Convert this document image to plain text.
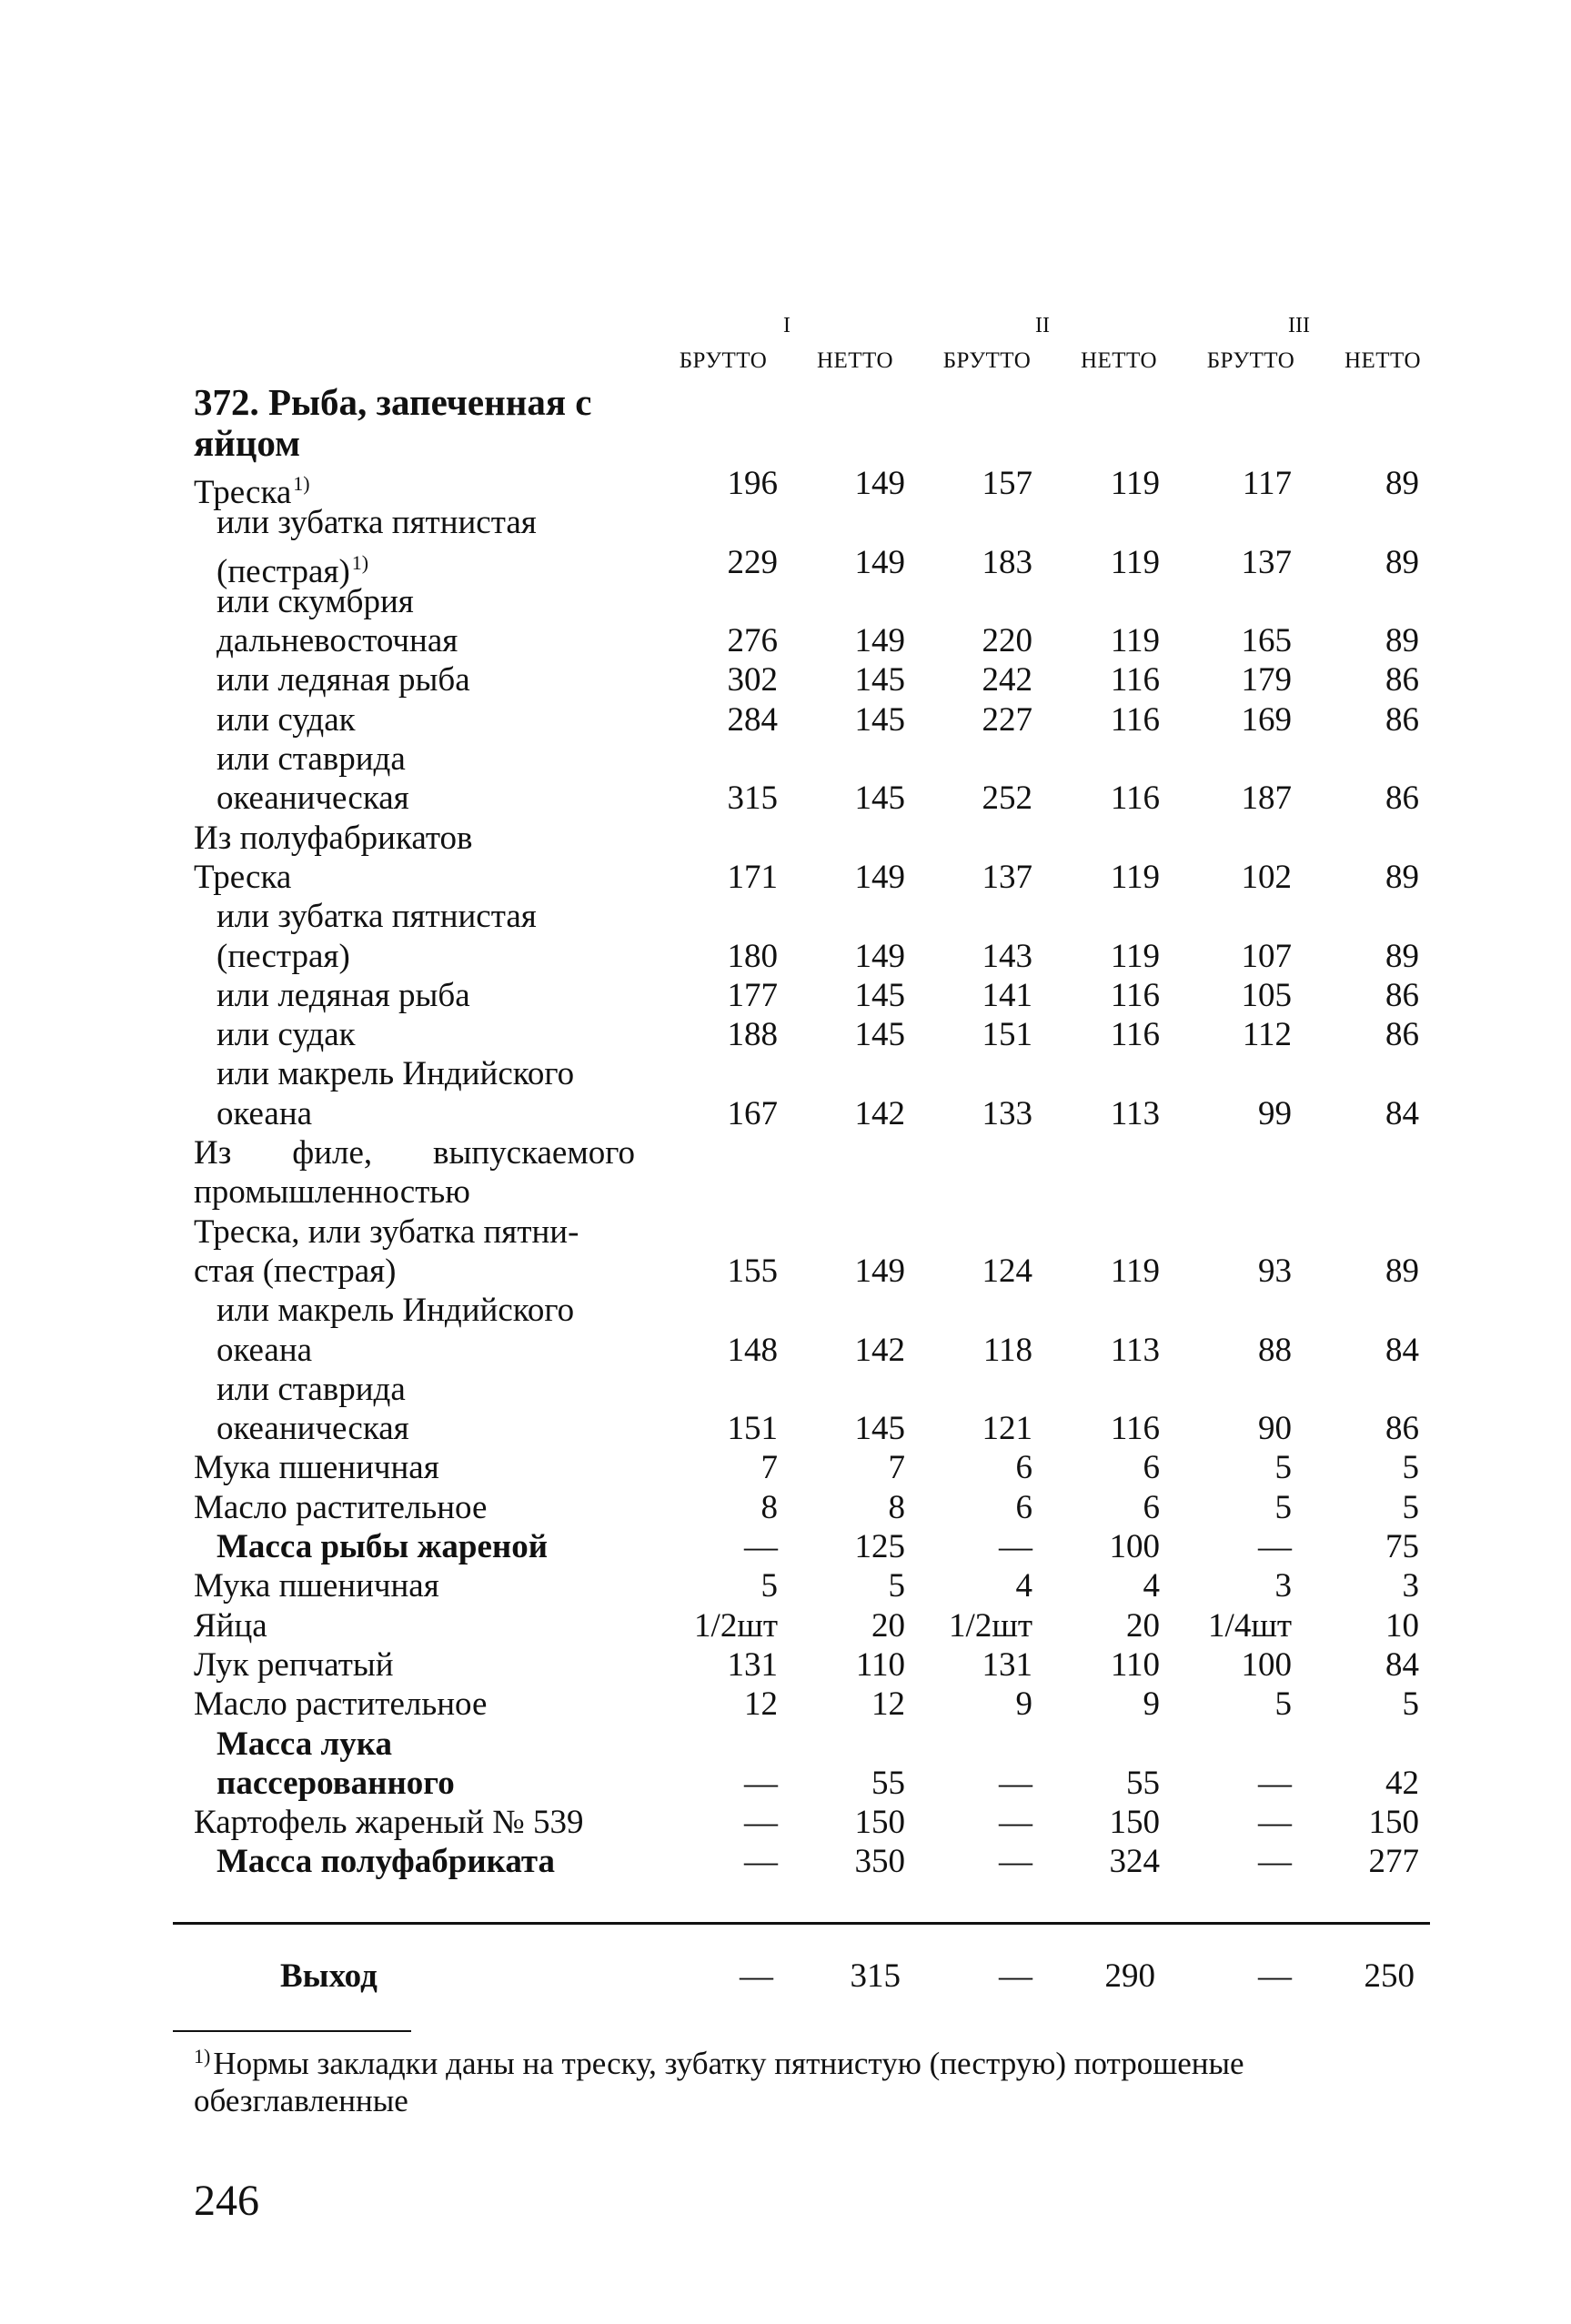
I	II	III
БРУТТО	НЕТТО	БРУТТО	НЕТТО	БРУТТО	НЕТТО
372. Рыба, запеченная с яйцом
Треска$^{1)}$	196	149	157	119	117	89
или зубатка пятнистая
(пестрая)$^{1)}$	229	149	183	119	137	89
или скумбрия
дальневосточная	276	149	220	119	165	89
или ледяная рыба	302	145	242	116	179	86
или судак	284	145	227	116	169	86
или ставрида
океаническая	315	145	252	116	187	86
Из полуфабрикатов
Треска	171	149	137	119	102	89
или зубатка пятнистая
(пестрая)	180	149	143	119	107	89
или ледяная рыба	177	145	141	116	105	86
или судак	188	145	151	116	112	86
или макрель Индийского
океана	167	142	133	113	99	84
Из филе, выпускаемого
промышленностью
Треска, или зубатка пятни-
стая (пестрая)	155	149	124	119	93	89
или макрель Индийского
океана	148	142	118	113	88	84
или ставрида
океаническая	151	145	121	116	90	86
Мука пшеничная	7	7	6	6	5	5
Масло растительное	8	8	6	6	5	5
Масса рыбы жареной	—	125	—	100	—	75
Мука пшеничная	5	5	4	4	3	3
Яйца	1/2шт	20	1/2шт	20	1/4шт	10
Лук репчатый	131	110	131	110	100	84
Масло растительное	12	12	9	9	5	5
Масса лука
пассерованного	—	55	—	55	—	42
Картофель жареный № 539	—	150	—	150	—	150
Масса полуфабриката	—	350	—	324	—	277
Выход	—	315	—	290	—	250
$^{1)}$Нормы закладки даны на треску, зубатку пятнистую (пеструю) потрошеные обезглавленные
246
